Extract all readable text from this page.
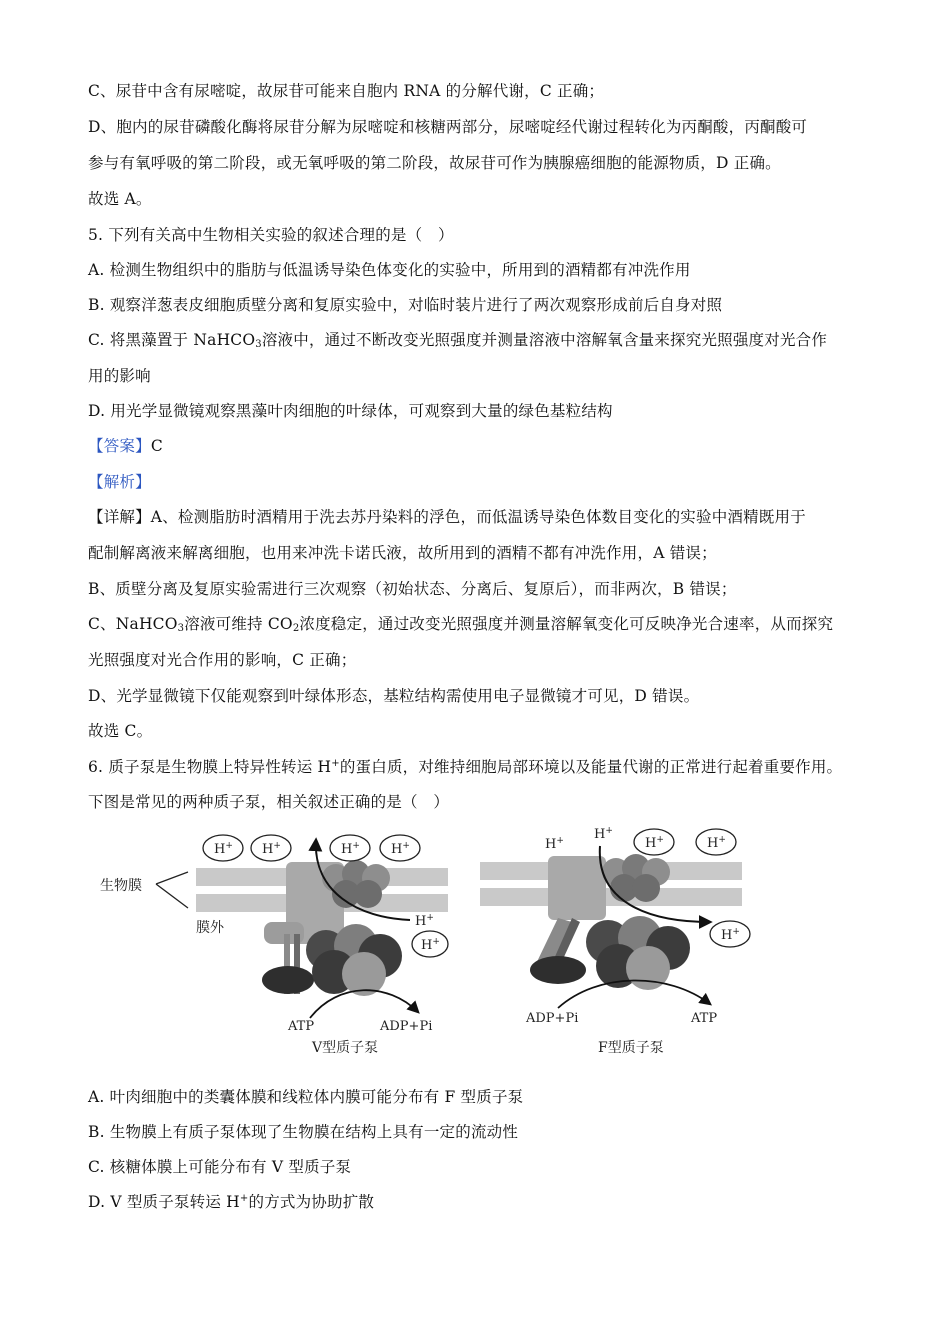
C、尿苷中含有尿嘧啶，故尿苷可能来自胞内 RNA 的分解代谢，C 正确；
D、胞内的尿苷磷酸化酶将尿苷分解为尿嘧啶和核糖两部分，尿嘧啶经代谢过程转化为丙酮酸，丙酮酸可
参与有氧呼吸的第二阶段，或无氧呼吸的第二阶段，故尿苷可作为胰腺癌细胞的能源物质，D 正确。
故选 A。
5. 下列有关高中生物相关实验的叙述合理的是（　）
A. 检测生物组织中的脂肪与低温诱导染色体变化的实验中，所用到的酒精都有冲洗作用
B. 观察洋葱表皮细胞质壁分离和复原实验中，对临时装片进行了两次观察形成前后自身对照
C. 将黑藻置于 NaHCO$_3$溶液中，通过不断改变光照强度并测量溶液中溶解氧含量来探究光照强度对光合作
用的影响
D. 用光学显微镜观察黑藻叶肉细胞的叶绿体，可观察到大量的绿色基粒结构
【答案】C
【解析】
【详解】A、检测脂肪时酒精用于洗去苏丹染料的浮色，而低温诱导染色体数目变化的实验中酒精既用于
配制解离液来解离细胞，也用来冲洗卡诺氏液，故所用到的酒精不都有冲洗作用，A 错误；
B、质壁分离及复原实验需进行三次观察（初始状态、分离后、复原后），而非两次，B 错误；
C、NaHCO$_3$溶液可维持 $CO_2$浓度稳定，通过改变光照强度并测量溶解氧变化可反映净光合速率，从而探究
光照强度对光合作用的影响，C 正确；
D、光学显微镜下仅能观察到叶绿体形态，基粒结构需使用电子显微镜才可见，D 错误。
故选 C。
6. 质子泵是生物膜上特异性转运 H+的蛋白质，对维持细胞局部环境以及能量代谢的正常进行起着重要作用。
下图是常见的两种质子泵，相关叙述正确的是（　）
H+ H+	H+ H+
H+
H+
ATP	ADP+Pi
V型质子泵
生物膜
膜外
H+ H+
H+	H+
H+
ADP+Pi	ATP
F型质子泵
A. 叶肉细胞中的类囊体膜和线粒体内膜可能分布有 F 型质子泵
B. 生物膜上有质子泵体现了生物膜在结构上具有一定的流动性
C. 核糖体膜上可能分布有 V 型质子泵
D. V 型质子泵转运 H+的方式为协助扩散
